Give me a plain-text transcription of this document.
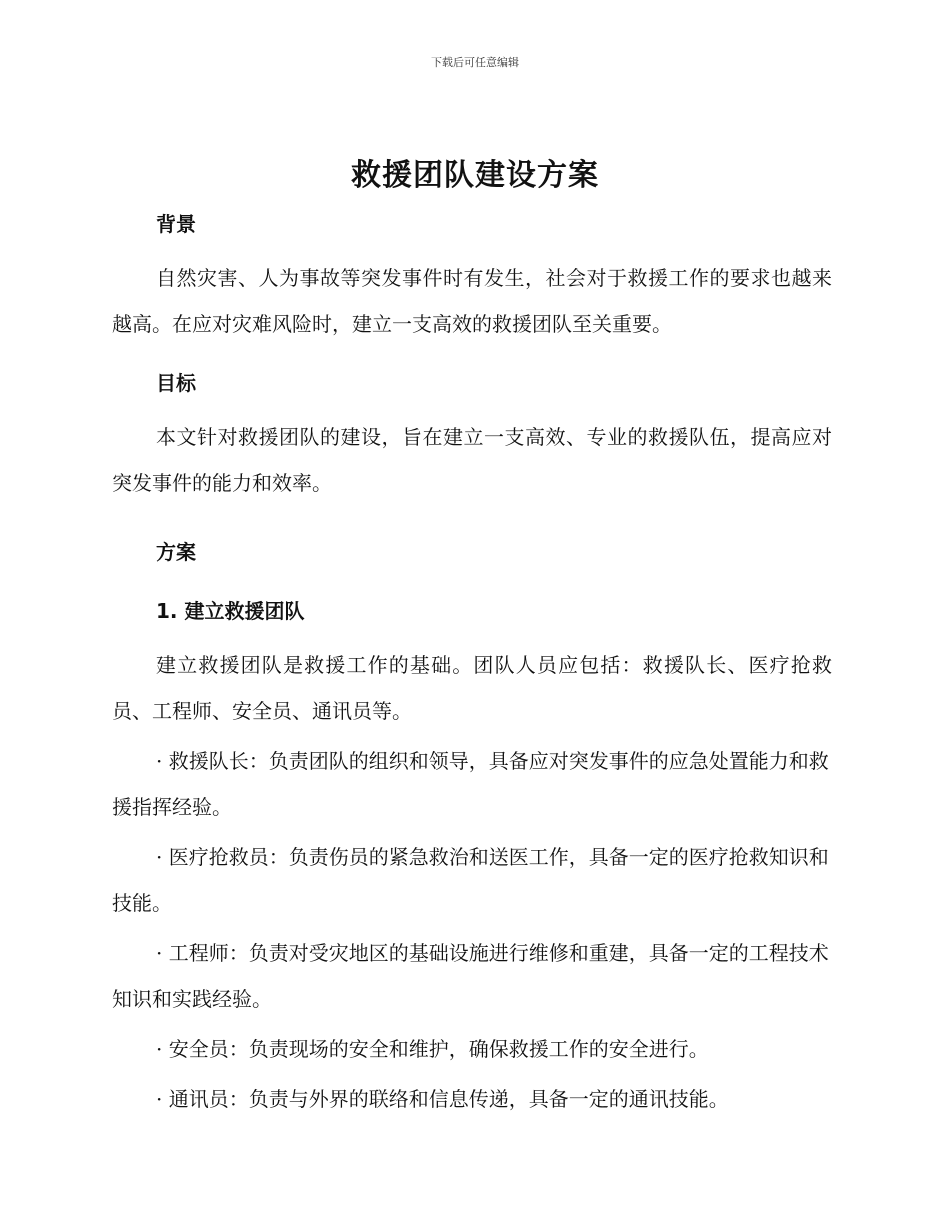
下载后可任意编辑
救援团队建设方案
背景

自然灾害、人为事故等突发事件时有发生，社会对于救援工作的要求也越来越高。在应对灾难风险时，建立一支高效的救援团队至关重要。

目标

本文针对救援团队的建设，旨在建立一支高效、专业的救援队伍，提高应对突发事件的能力和效率。

方案
1. 建立救援团队

建立救援团队是救援工作的基础。团队人员应包括：救援队长、医疗抢救员、工程师、安全员、通讯员等。

· 救援队长：负责团队的组织和领导，具备应对突发事件的应急处置能力和救援指挥经验。

· 医疗抢救员：负责伤员的紧急救治和送医工作，具备一定的医疗抢救知识和技能。

· 工程师：负责对受灾地区的基础设施进行维修和重建，具备一定的工程技术知识和实践经验。

· 安全员：负责现场的安全和维护，确保救援工作的安全进行。

· 通讯员：负责与外界的联络和信息传递，具备一定的通讯技能。
